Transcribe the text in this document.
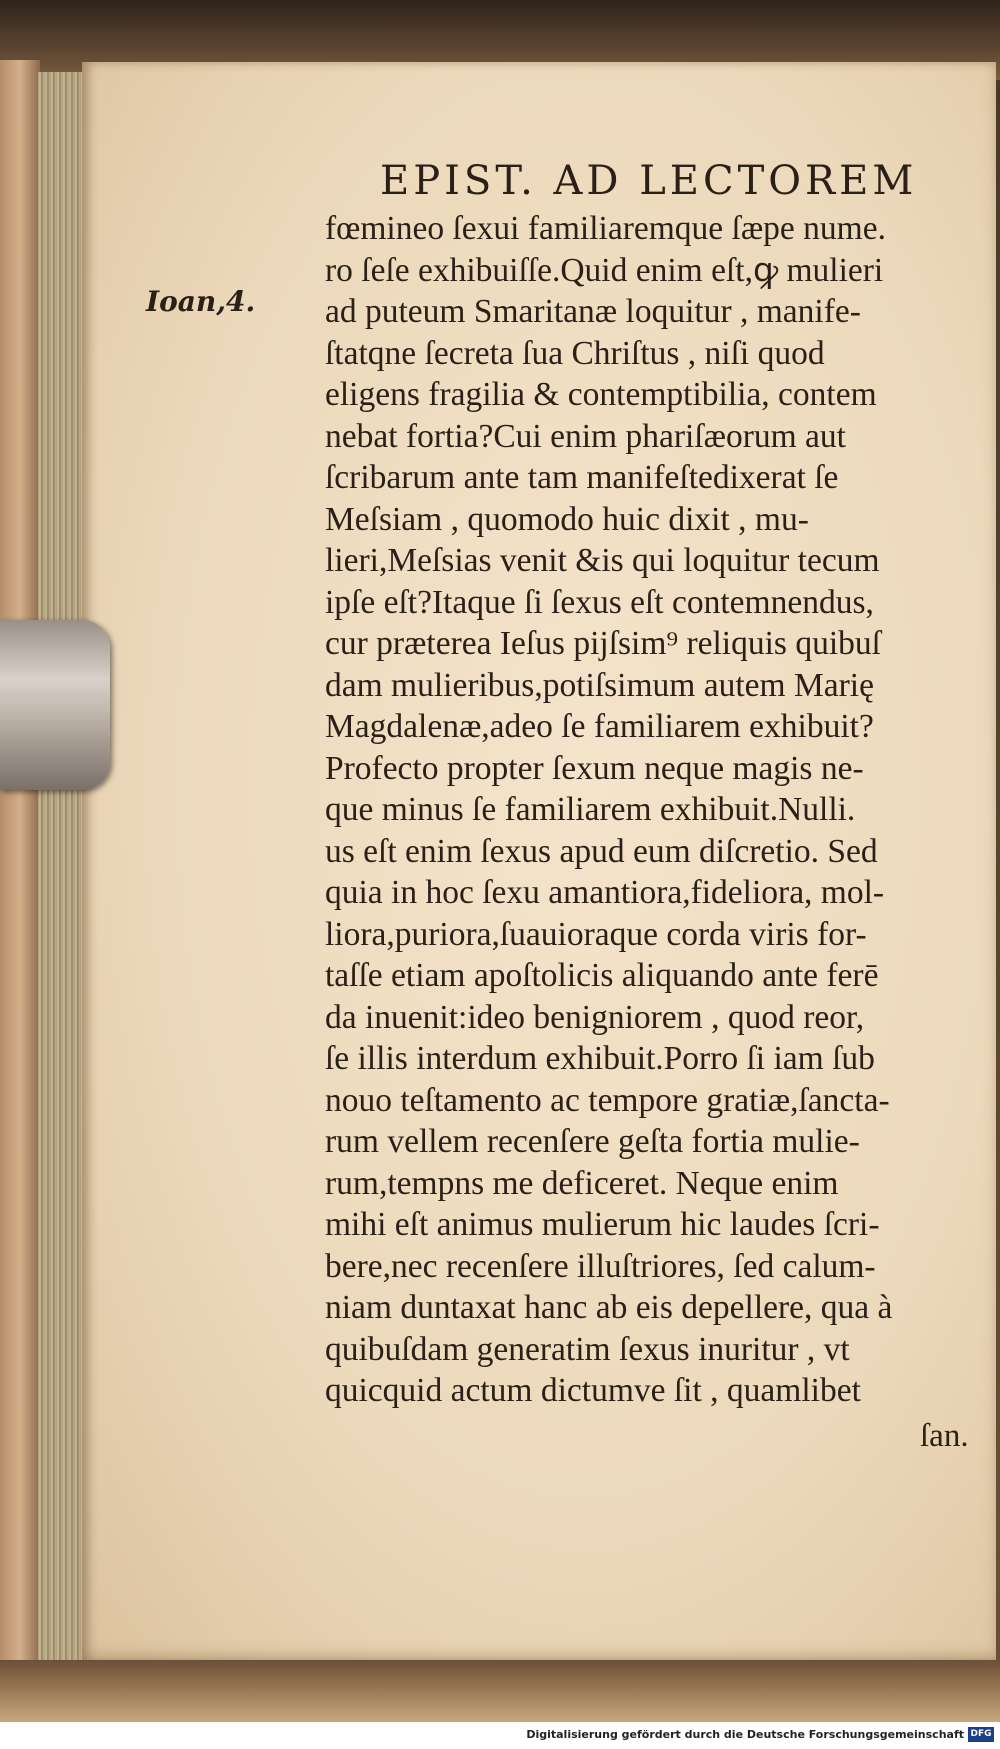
EPIST. AD LECTOREM
Ioan,4.
fœmineo ſexui familiaremque ſæpe nume.
ro ſeſe exhibuiſſe.Quid enim eſt,ꝙ mulieri
ad puteum Smaritanæ loquitur , manife-
ſtatqne ſecreta ſua Chriſtus , niſi quod
eligens fragilia & contemptibilia, contem
nebat fortia?Cui enim phariſæorum aut
ſcribarum ante tam manifeſtedixerat ſe
Meſsiam , quomodo huic dixit , mu-
lieri,Meſsias venit &is qui loquitur tecum
ipſe eſt?Itaque ſi ſexus eſt contemnendus,
cur præterea Ieſus pijſsim⁹ reliquis quibuſ
dam mulieribus,potiſsimum autem Marię
Magdalenæ,adeo ſe familiarem exhibuit?
Profecto propter ſexum neque magis ne-
que minus ſe familiarem exhibuit.Nulli.
us eſt enim ſexus apud eum diſcretio. Sed
quia in hoc ſexu amantiora,fideliora, mol-
liora,puriora,ſuauioraque corda viris for-
taſſe etiam apoſtolicis aliquando ante ferē
da inuenit:ideo benigniorem , quod reor,
ſe illis interdum exhibuit.Porro ſi iam ſub
nouo teſtamento ac tempore gratiæ,ſancta-
rum vellem recenſere geſta fortia mulie-
rum,tempns me deficeret. Neque enim
mihi eſt animus mulierum hic laudes ſcri-
bere,nec recenſere illuſtriores, ſed calum-
niam duntaxat hanc ab eis depellere, qua à
quibuſdam generatim ſexus inuritur , vt
quicquid actum dictumve ſit , quamlibet
ſan.
Digitalisierung gefördert durch die Deutsche Forschungsgemeinschaft DFG
